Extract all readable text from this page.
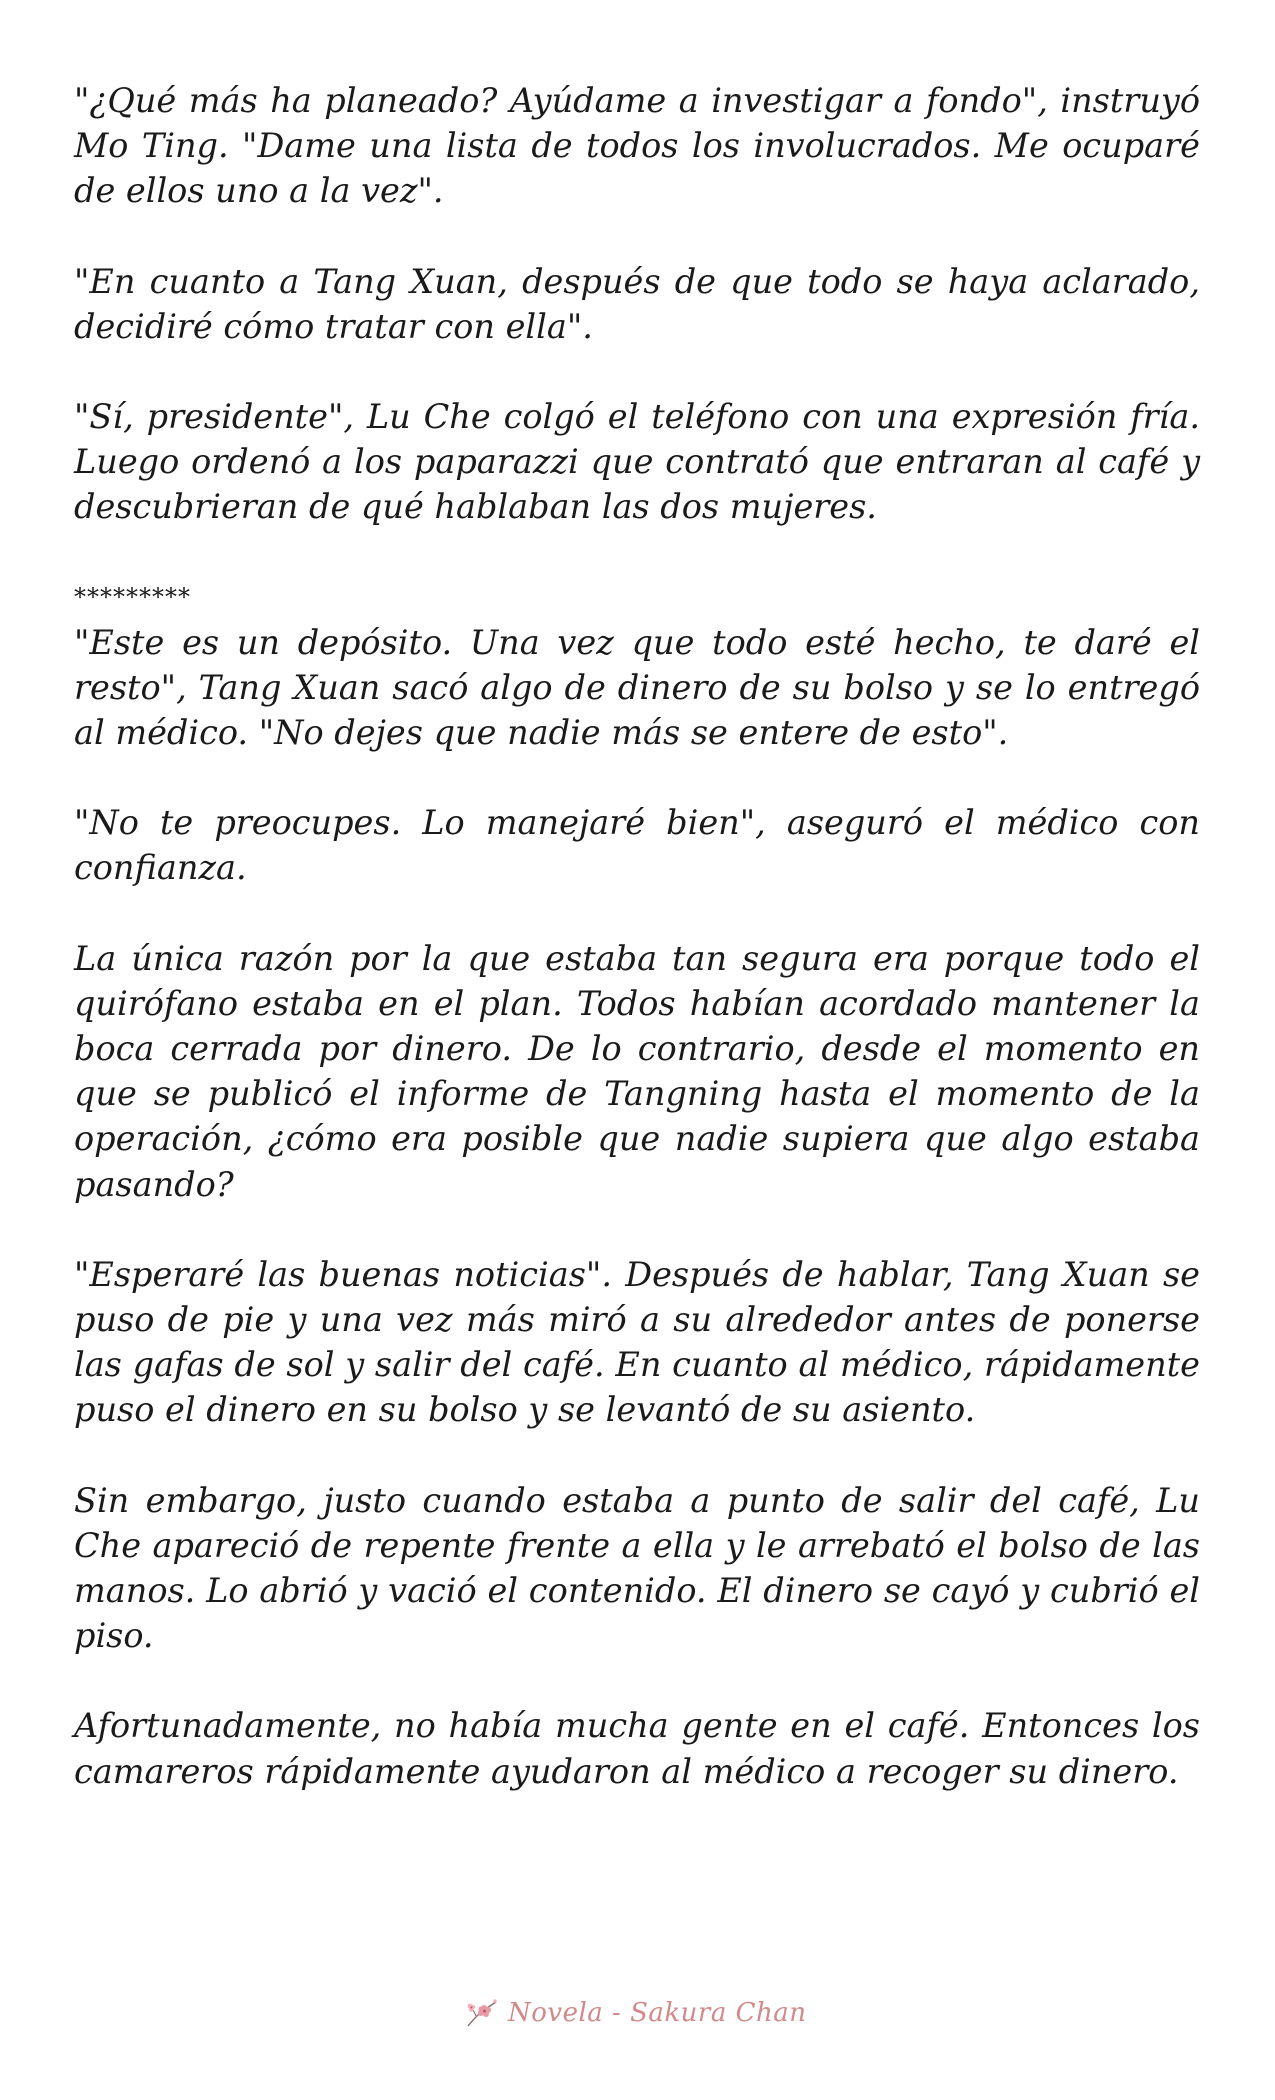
"¿Qué más ha planeado? Ayúdame a investigar a fondo", instruyó Mo Ting. "Dame una lista de todos los involucrados. Me ocuparé de ellos uno a la vez".

"En cuanto a Tang Xuan, después de que todo se haya aclarado, decidiré cómo tratar con ella".

"Sí, presidente", Lu Che colgó el teléfono con una expresión fría. Luego ordenó a los paparazzi que contrató que entraran al café y descubrieran de qué hablaban las dos mujeres.

*********

"Este es un depósito. Una vez que todo esté hecho, te daré el resto", Tang Xuan sacó algo de dinero de su bolso y se lo entregó al médico. "No dejes que nadie más se entere de esto".

"No te preocupes. Lo manejaré bien", aseguró el médico con confianza.

La única razón por la que estaba tan segura era porque todo el quirófano estaba en el plan. Todos habían acordado mantener la boca cerrada por dinero. De lo contrario, desde el momento en que se publicó el informe de Tangning hasta el momento de la operación, ¿cómo era posible que nadie supiera que algo estaba pasando?

"Esperaré las buenas noticias". Después de hablar, Tang Xuan se puso de pie y una vez más miró a su alrededor antes de ponerse las gafas de sol y salir del café. En cuanto al médico, rápidamente puso el dinero en su bolso y se levantó de su asiento.

Sin embargo, justo cuando estaba a punto de salir del café, Lu Che apareció de repente frente a ella y le arrebató el bolso de las manos. Lo abrió y vació el contenido. El dinero se cayó y cubrió el piso.

Afortunadamente, no había mucha gente en el café. Entonces los camareros rápidamente ayudaron al médico a recoger su dinero.

Novela - Sakura Chan
